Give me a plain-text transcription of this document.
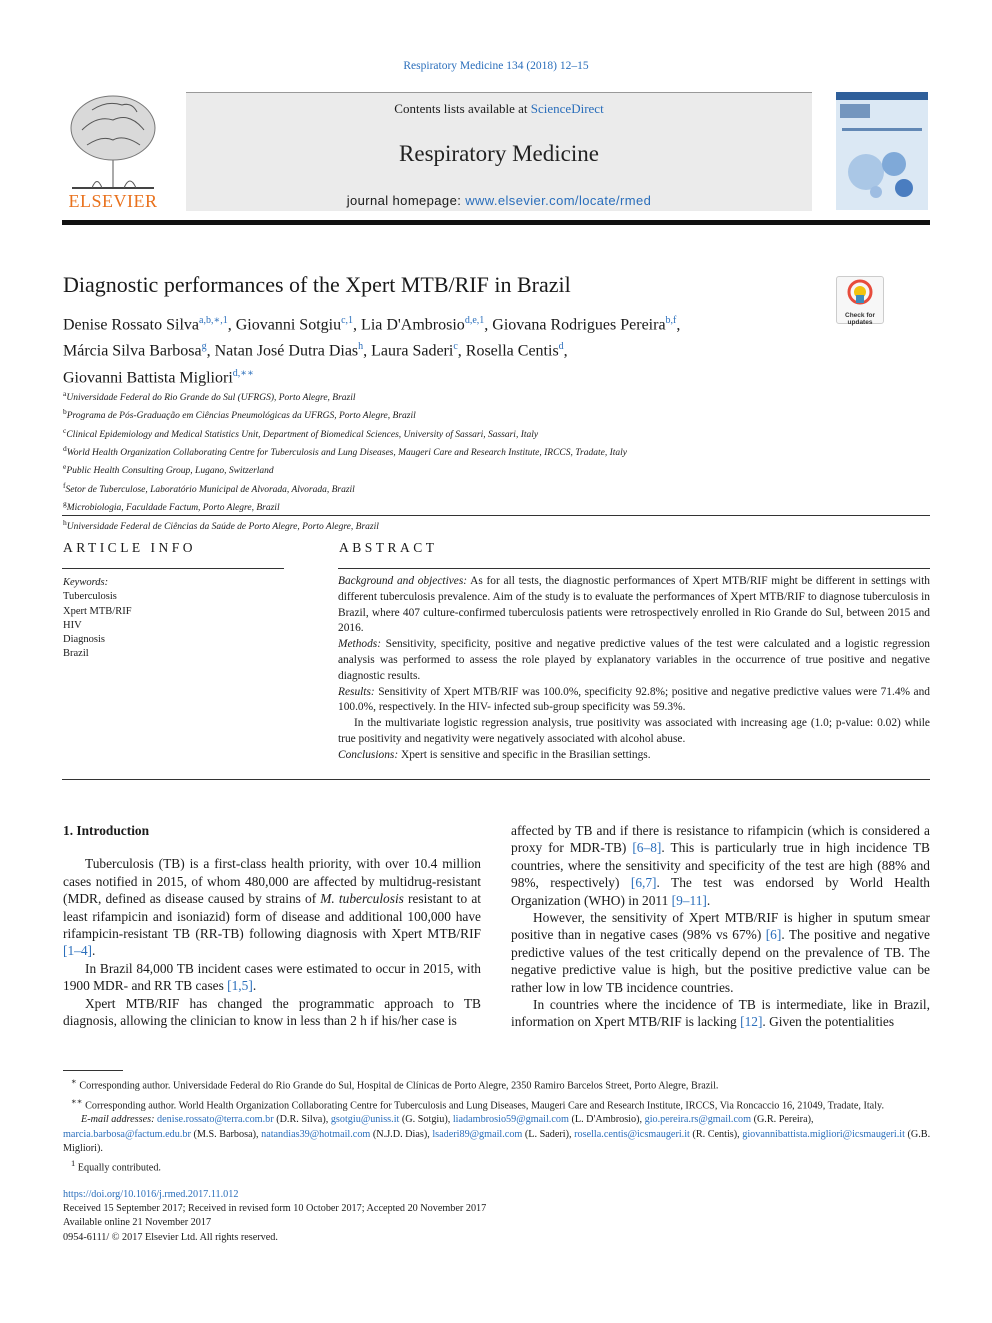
Respiratory Medicine 134 (2018) 12–15
ELSEVIER
Contents lists available at ScienceDirect
Respiratory Medicine
journal homepage: www.elsevier.com/locate/rmed
Diagnostic performances of the Xpert MTB/RIF in Brazil
Check for updates
Denise Rossato Silva$^{a,b,∗,1}$, Giovanni Sotgiu$^{c,1}$, Lia D'Ambrosio$^{d,e,1}$, Giovana Rodrigues Pereira$^{b,f}$,
Márcia Silva Barbosa$^g$, Natan José Dutra Dias$^h$, Laura Saderi$^c$, Rosella Centis$^d$,
Giovanni Battista Migliori$^{d,∗∗}$
$^a$Universidade Federal do Rio Grande do Sul (UFRGS), Porto Alegre, Brazil
$^b$Programa de Pós-Graduação em Ciências Pneumológicas da UFRGS, Porto Alegre, Brazil
$^c$Clinical Epidemiology and Medical Statistics Unit, Department of Biomedical Sciences, University of Sassari, Sassari, Italy
$^d$World Health Organization Collaborating Centre for Tuberculosis and Lung Diseases, Maugeri Care and Research Institute, IRCCS, Tradate, Italy
$^e$Public Health Consulting Group, Lugano, Switzerland
$^f$Setor de Tuberculose, Laboratório Municipal de Alvorada, Alvorada, Brazil
$^g$Microbiologia, Faculdade Factum, Porto Alegre, Brazil
$^h$Universidade Federal de Ciências da Saúde de Porto Alegre, Porto Alegre, Brazil
ARTICLE INFO
Keywords:
Tuberculosis
Xpert MTB/RIF
HIV
Diagnosis
Brazil
ABSTRACT

Background and objectives: As for all tests, the diagnostic performances of Xpert MTB/RIF might be different in settings with different tuberculosis prevalence. Aim of the study is to evaluate the performances of Xpert MTB/RIF to diagnose tuberculosis in Brazil, where 407 culture-confirmed tuberculosis patients were retrospectively enrolled in Rio Grande do Sul, between 2015 and 2016.

Methods: Sensitivity, specificity, positive and negative predictive values of the test were calculated and a logistic regression analysis was performed to assess the role played by explanatory variables in the occurrence of true positive and negative diagnostic results.

Results: Sensitivity of Xpert MTB/RIF was 100.0%, specificity 92.8%; positive and negative predictive values were 71.4% and 100.0%, respectively. In the HIV- infected sub-group specificity was 59.3%.

In the multivariate logistic regression analysis, true positivity was associated with increasing age (1.0; p-value: 0.02) while true positivity and negativity were negatively associated with alcohol abuse.

Conclusions: Xpert is sensitive and specific in the Brasilian settings.

1. Introduction

Tuberculosis (TB) is a first-class health priority, with over 10.4 million cases notified in 2015, of whom 480,000 are affected by multidrug-resistant (MDR, defined as disease caused by strains of M. tuberculosis resistant to at least rifampicin and isoniazid) form of disease and additional 100,000 have rifampicin-resistant TB (RR-TB) following diagnosis with Xpert MTB/RIF [1–4].

In Brazil 84,000 TB incident cases were estimated to occur in 2015, with 1900 MDR- and RR TB cases [1,5].

Xpert MTB/RIF has changed the programmatic approach to TB diagnosis, allowing the clinician to know in less than 2 h if his/her case is

affected by TB and if there is resistance to rifampicin (which is considered a proxy for MDR-TB) [6–8]. This is particularly true in high incidence TB countries, where the sensitivity and specificity of the test are high (88% and 98%, respectively) [6,7]. The test was endorsed by World Health Organization (WHO) in 2011 [9–11].

However, the sensitivity of Xpert MTB/RIF is higher in sputum smear positive than in negative cases (98% vs 67%) [6]. The positive and negative predictive values of the test critically depend on the prevalence of TB. The negative predictive value is high, but the positive predictive value can be rather low in low TB incidence countries.

In countries where the incidence of TB is intermediate, like in Brazil, information on Xpert MTB/RIF is lacking [12]. Given the potentialities

∗ Corresponding author. Universidade Federal do Rio Grande do Sul, Hospital de Clínicas de Porto Alegre, 2350 Ramiro Barcelos Street, Porto Alegre, Brazil.

∗∗ Corresponding author. World Health Organization Collaborating Centre for Tuberculosis and Lung Diseases, Maugeri Care and Research Institute, IRCCS, Via Roncaccio 16, 21049, Tradate, Italy.

E-mail addresses: denise.rossato@terra.com.br (D.R. Silva), gsotgiu@uniss.it (G. Sotgiu), liadambrosio59@gmail.com (L. D'Ambrosio), gio.pereira.rs@gmail.com (G.R. Pereira), marcia.barbosa@factum.edu.br (M.S. Barbosa), natandias39@hotmail.com (N.J.D. Dias), lsaderi89@gmail.com (L. Saderi), rosella.centis@icsmaugeri.it (R. Centis), giovannibattista.migliori@icsmaugeri.it (G.B. Migliori).

$^1$ Equally contributed.

https://doi.org/10.1016/j.rmed.2017.11.012

Received 15 September 2017; Received in revised form 10 October 2017; Accepted 20 November 2017

Available online 21 November 2017

0954-6111/ © 2017 Elsevier Ltd. All rights reserved.
